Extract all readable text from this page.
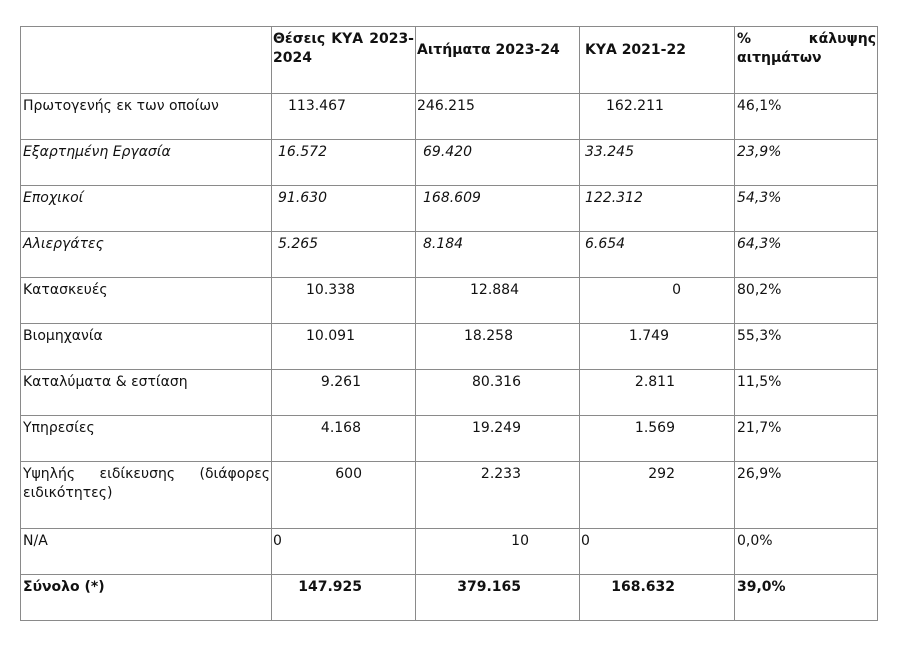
	Θέσεις ΚΥΑ 2023-2024	Αιτήματα 2023-24	ΚΥΑ 2021-22	% κάλυψης αιτημάτων

Πρωτογενής εκ των οποίων	113.467	246.215	162.211	46,1%

Εξαρτημένη Εργασία	16.572	69.420	33.245	23,9%

Εποχικοί	91.630	168.609	122.312	54,3%

Αλιεργάτες	5.265	8.184	6.654	64,3%

Κατασκευές	10.338	12.884	0	80,2%

Βιομηχανία	10.091	18.258	1.749	55,3%

Καταλύματα & εστίαση	9.261	80.316	2.811	11,5%

Υπηρεσίες	4.168	19.249	1.569	21,7%

Υψηλής ειδίκευσης (διάφορες ειδικότητες)	600	2.233	292	26,9%

N/A	0	10	0	0,0%

Σύνολο (*)	147.925	379.165	168.632	39,0%
